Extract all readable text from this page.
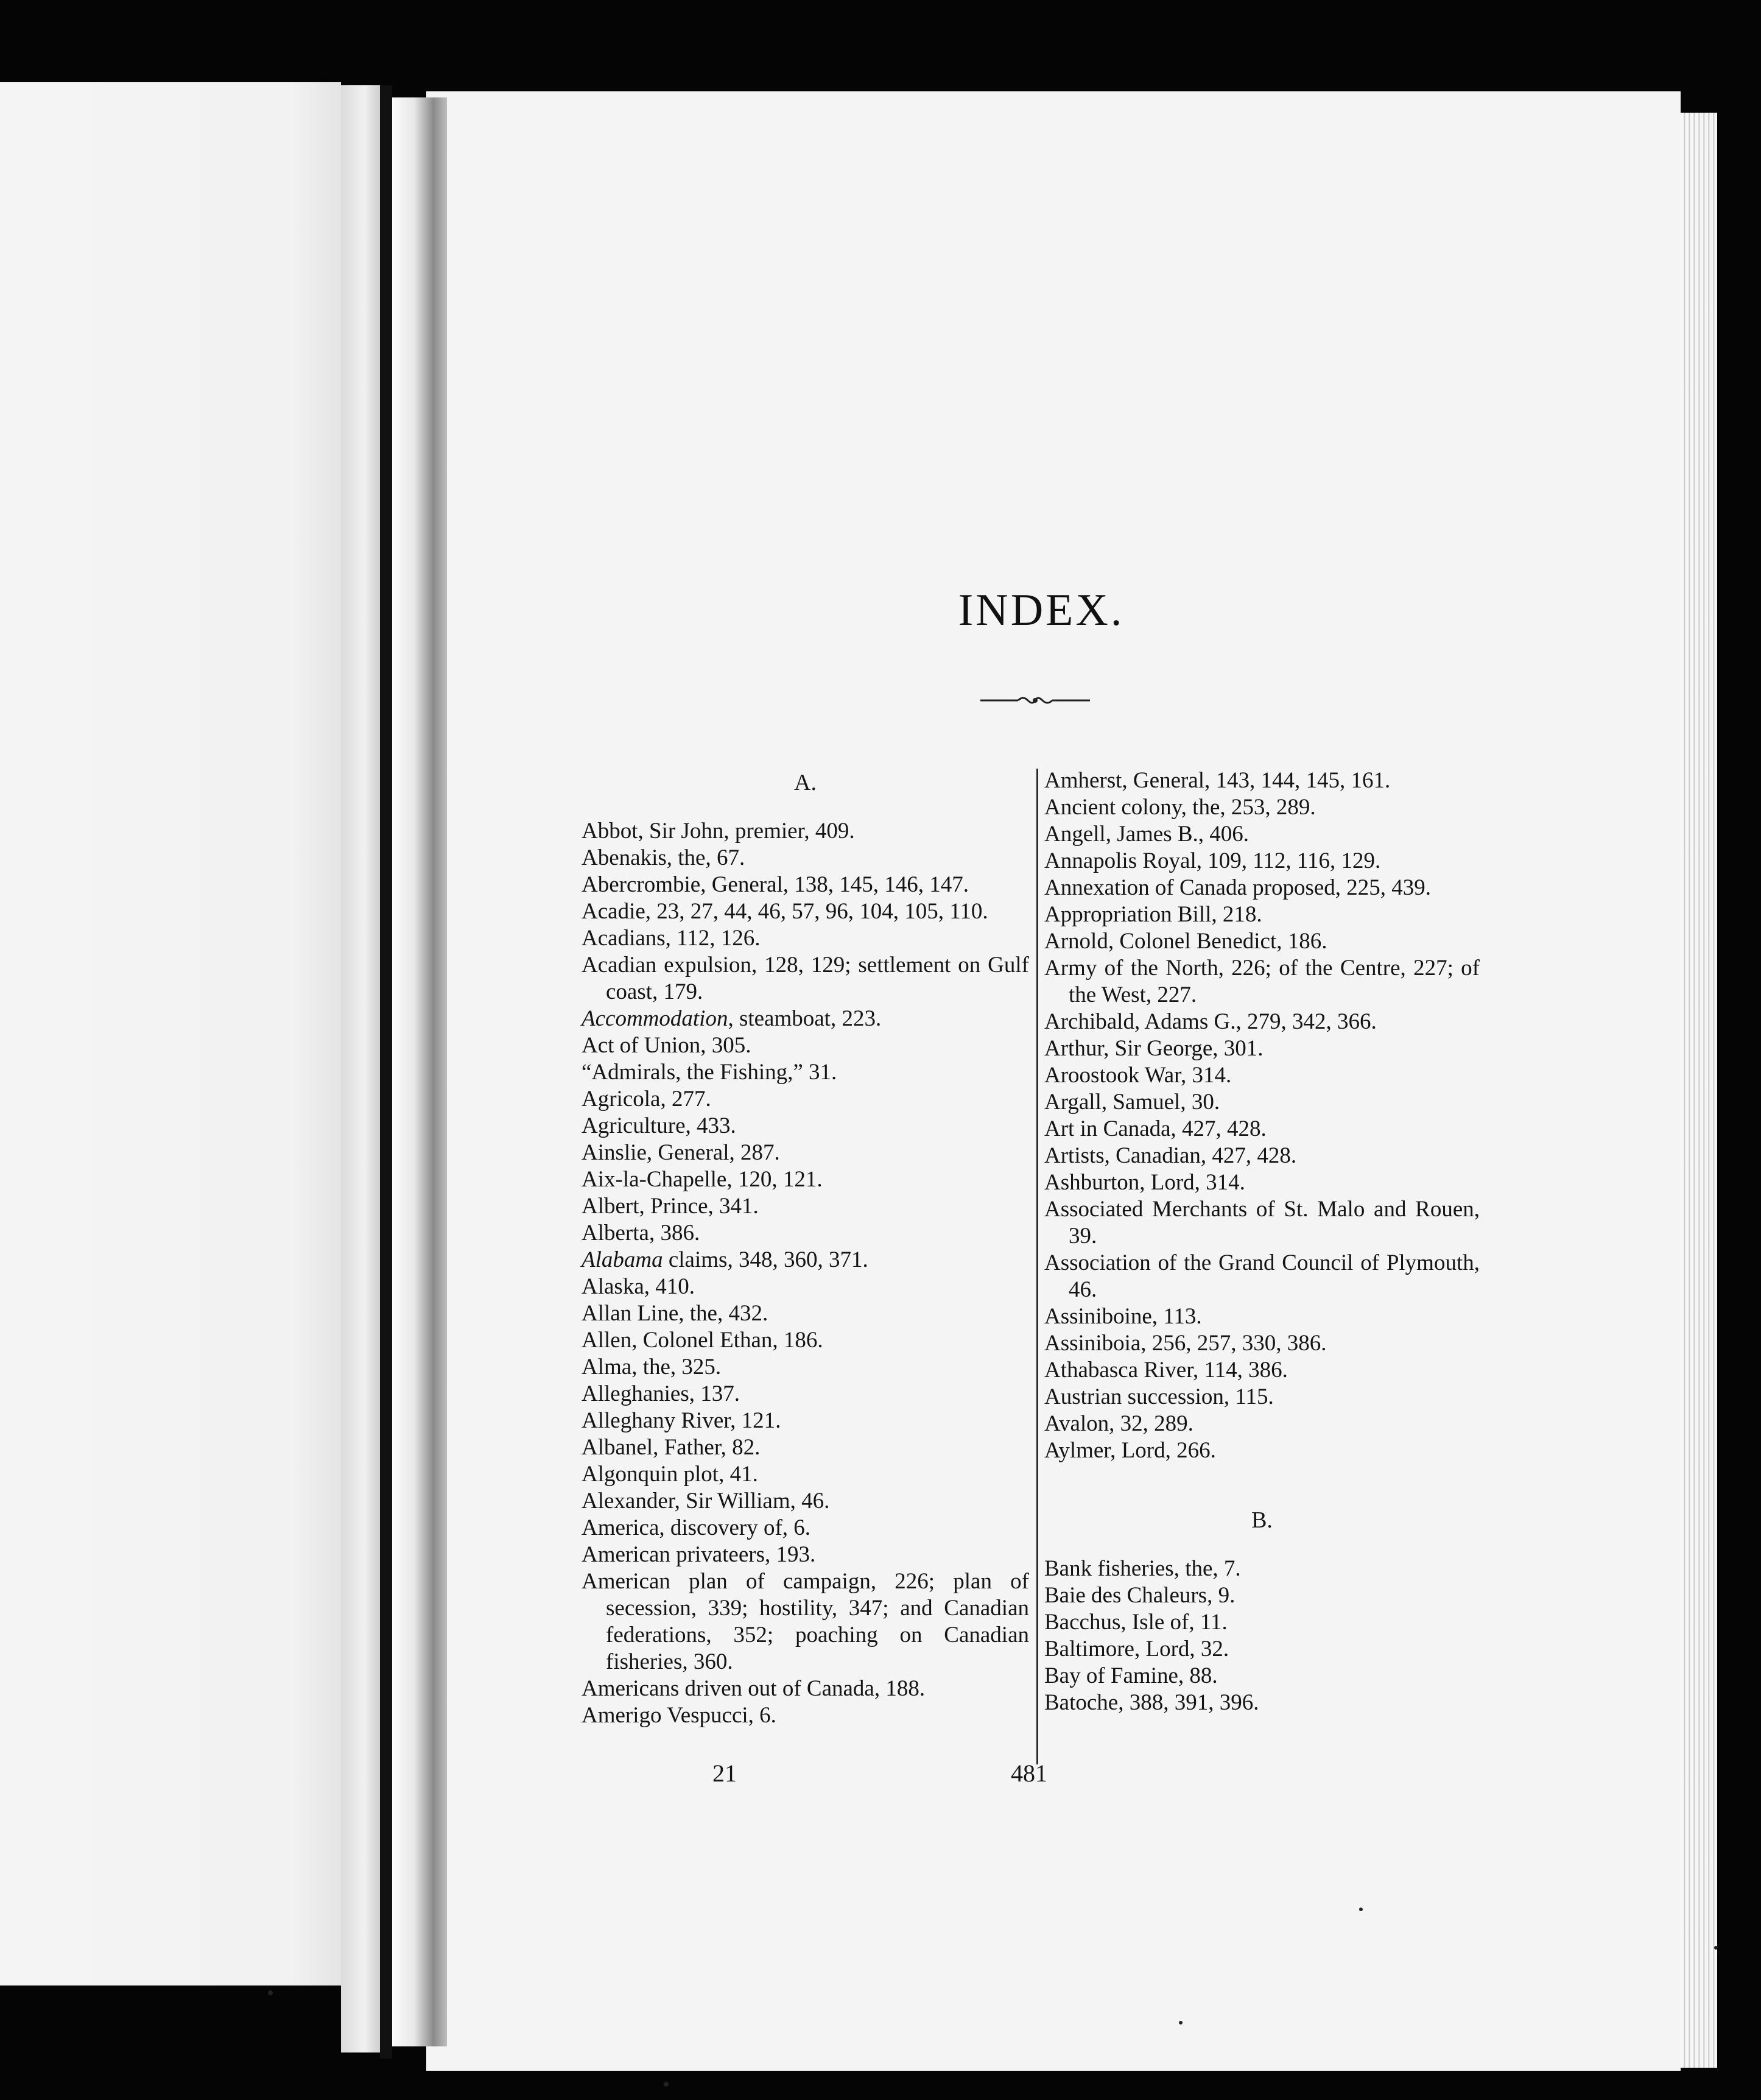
INDEX.
A.

Abbot, Sir John, premier, 409.

Abenakis, the, 67.

Abercrombie, General, 138, 145, 146, 147.

Acadie, 23, 27, 44, 46, 57, 96, 104, 105, 110.

Acadians, 112, 126.

Acadian expulsion, 128, 129; settlement on Gulf coast, 179.

Accommodation, steamboat, 223.

Act of Union, 305.

“Admirals, the Fishing,” 31.

Agricola, 277.

Agriculture, 433.

Ainslie, General, 287.

Aix-la-Chapelle, 120, 121.

Albert, Prince, 341.

Alberta, 386.

Alabama claims, 348, 360, 371.

Alaska, 410.

Allan Line, the, 432.

Allen, Colonel Ethan, 186.

Alma, the, 325.

Alleghanies, 137.

Alleghany River, 121.

Albanel, Father, 82.

Algonquin plot, 41.

Alexander, Sir William, 46.

America, discovery of, 6.

American privateers, 193.

American plan of campaign, 226; plan of secession, 339; hostility, 347; and Canadian federations, 352; poaching on Canadian fisheries, 360.

Americans driven out of Canada, 188.

Amerigo Vespucci, 6.

Amherst, General, 143, 144, 145, 161.

Ancient colony, the, 253, 289.

Angell, James B., 406.

Annapolis Royal, 109, 112, 116, 129.

Annexation of Canada proposed, 225, 439.

Appropriation Bill, 218.

Arnold, Colonel Benedict, 186.

Army of the North, 226; of the Centre, 227; of the West, 227.

Archibald, Adams G., 279, 342, 366.

Arthur, Sir George, 301.

Aroostook War, 314.

Argall, Samuel, 30.

Art in Canada, 427, 428.

Artists, Canadian, 427, 428.

Ashburton, Lord, 314.

Associated Merchants of St. Malo and Rouen, 39.

Association of the Grand Council of Plymouth, 46.

Assiniboine, 113.

Assiniboia, 256, 257, 330, 386.

Athabasca River, 114, 386.

Austrian succession, 115.

Avalon, 32, 289.

Aylmer, Lord, 266.

B.

Bank fisheries, the, 7.

Baie des Chaleurs, 9.

Bacchus, Isle of, 11.

Baltimore, Lord, 32.

Bay of Famine, 88.

Batoche, 388, 391, 396.

21	481
